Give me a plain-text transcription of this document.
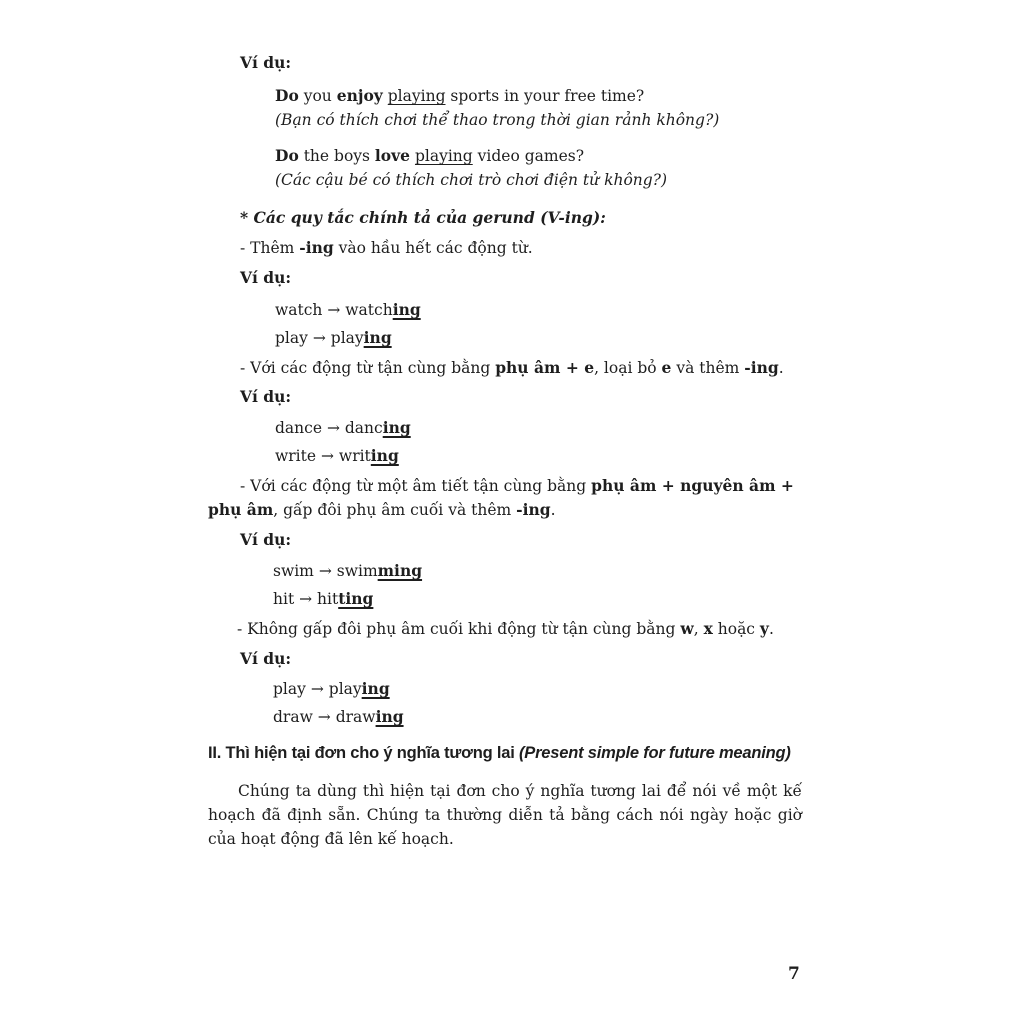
Ví dụ:
Do you enjoy playing sports in your free time?
(Bạn có thích chơi thể thao trong thời gian rảnh không?)
Do the boys love playing video games?
(Các cậu bé có thích chơi trò chơi điện tử không?)
* Các quy tắc chính tả của gerund (V-ing):
- Thêm -ing vào hầu hết các động từ.
Ví dụ:
watch → watching
play → playing
- Với các động từ tận cùng bằng phụ âm + e, loại bỏ e và thêm -ing.
Ví dụ:
dance → dancing
write → writing
- Với các động từ một âm tiết tận cùng bằng phụ âm + nguyên âm +
phụ âm, gấp đôi phụ âm cuối và thêm -ing.
Ví dụ:
swim → swimming
hit → hitting
- Không gấp đôi phụ âm cuối khi động từ tận cùng bằng w, x hoặc y.
Ví dụ:
play → playing
draw → drawing
II. Thì hiện tại đơn cho ý nghĩa tương lai (Present simple for future meaning)
Chúng ta dùng thì hiện tại đơn cho ý nghĩa tương lai để nói về một kế hoạch đã định sẵn. Chúng ta thường diễn tả bằng cách nói ngày hoặc giờ của hoạt động đã lên kế hoạch.
7
